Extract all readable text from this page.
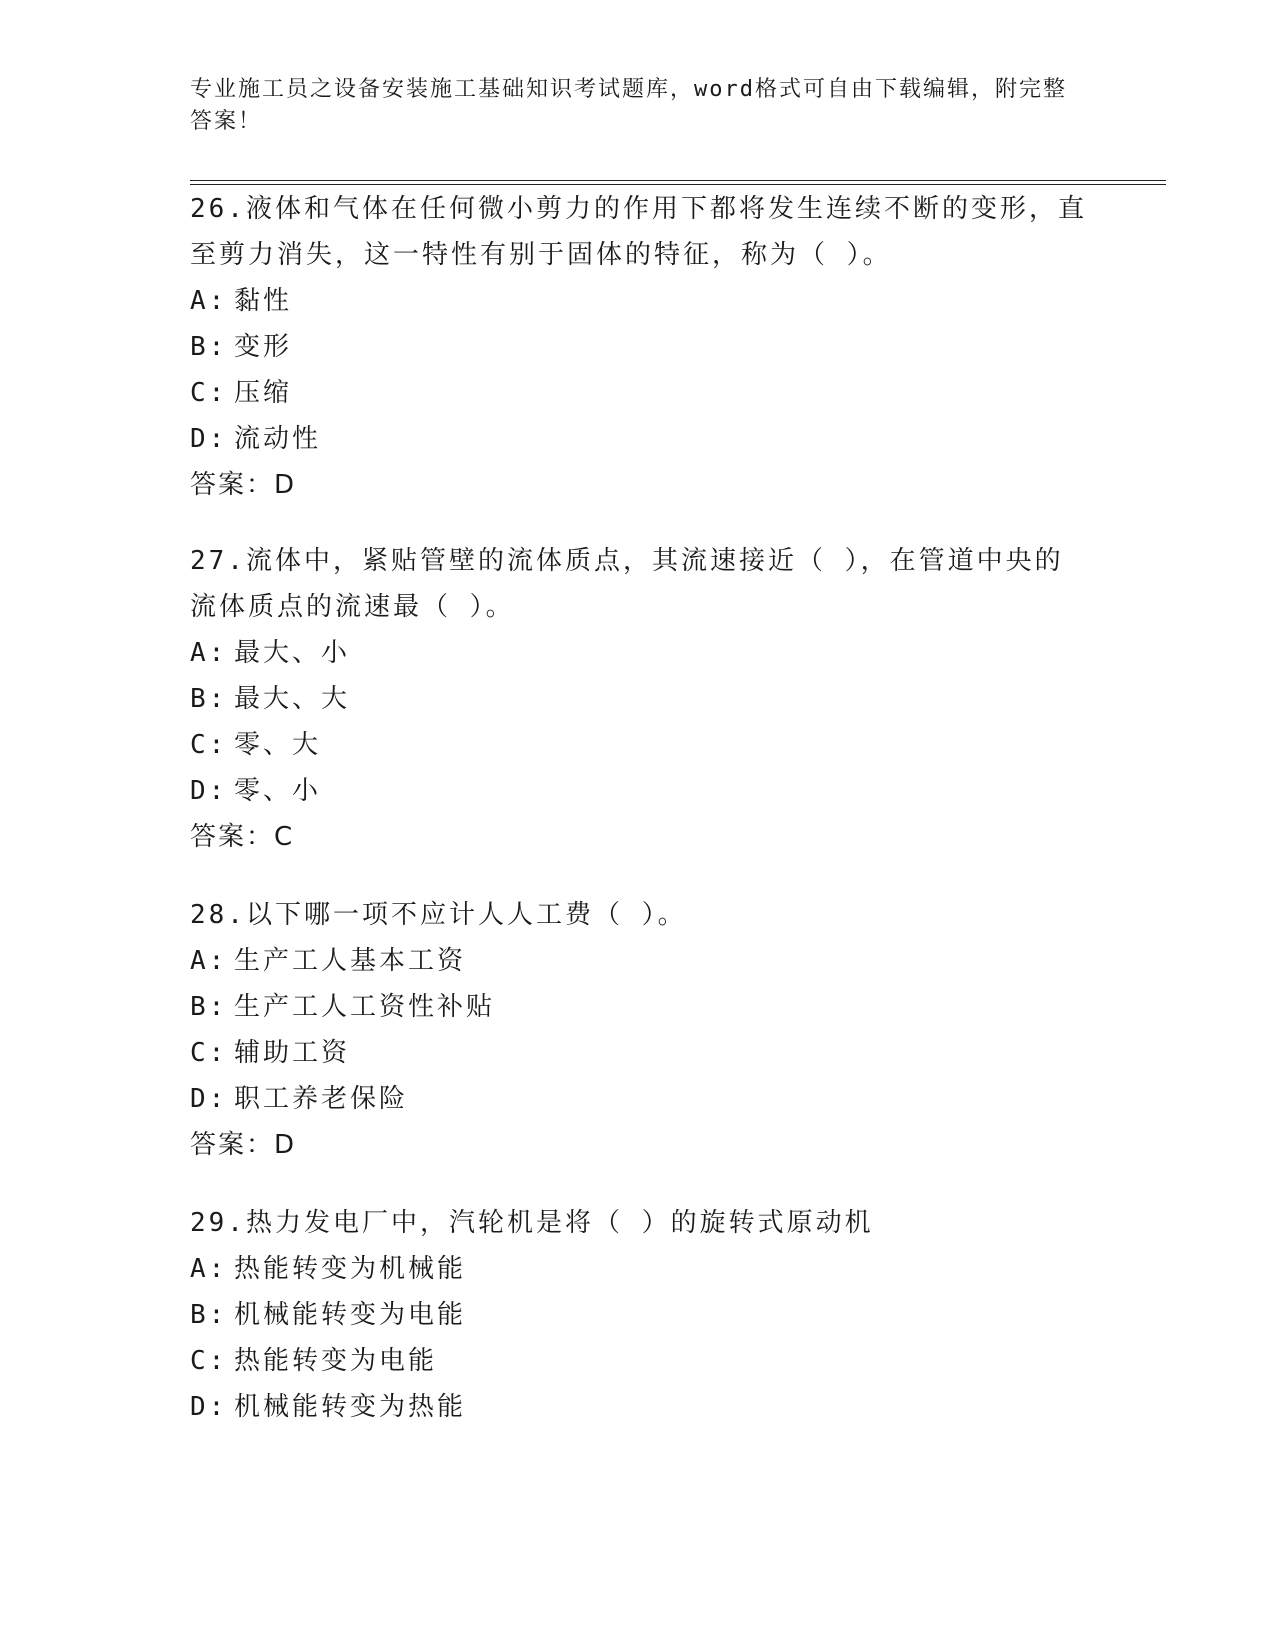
专业施工员之设备安装施工基础知识考试题库，word格式可自由下载编辑，附完整答案！

26.液体和气体在任何微小剪力的作用下都将发生连续不断的变形，直至剪力消失，这一特性有别于固体的特征，称为（ ）。

A: 黏性
B: 变形
C: 压缩
D: 流动性
答案：D

27.流体中，紧贴管壁的流体质点，其流速接近（ ），在管道中央的流体质点的流速最（ ）。

A: 最大、小
B: 最大、大
C: 零、大
D: 零、小
答案：C

28.以下哪一项不应计人人工费（ ）。

A: 生产工人基本工资
B: 生产工人工资性补贴
C: 辅助工资
D: 职工养老保险
答案：D

29.热力发电厂中，汽轮机是将（ ）的旋转式原动机

A: 热能转变为机械能
B: 机械能转变为电能
C: 热能转变为电能
D: 机械能转变为热能
